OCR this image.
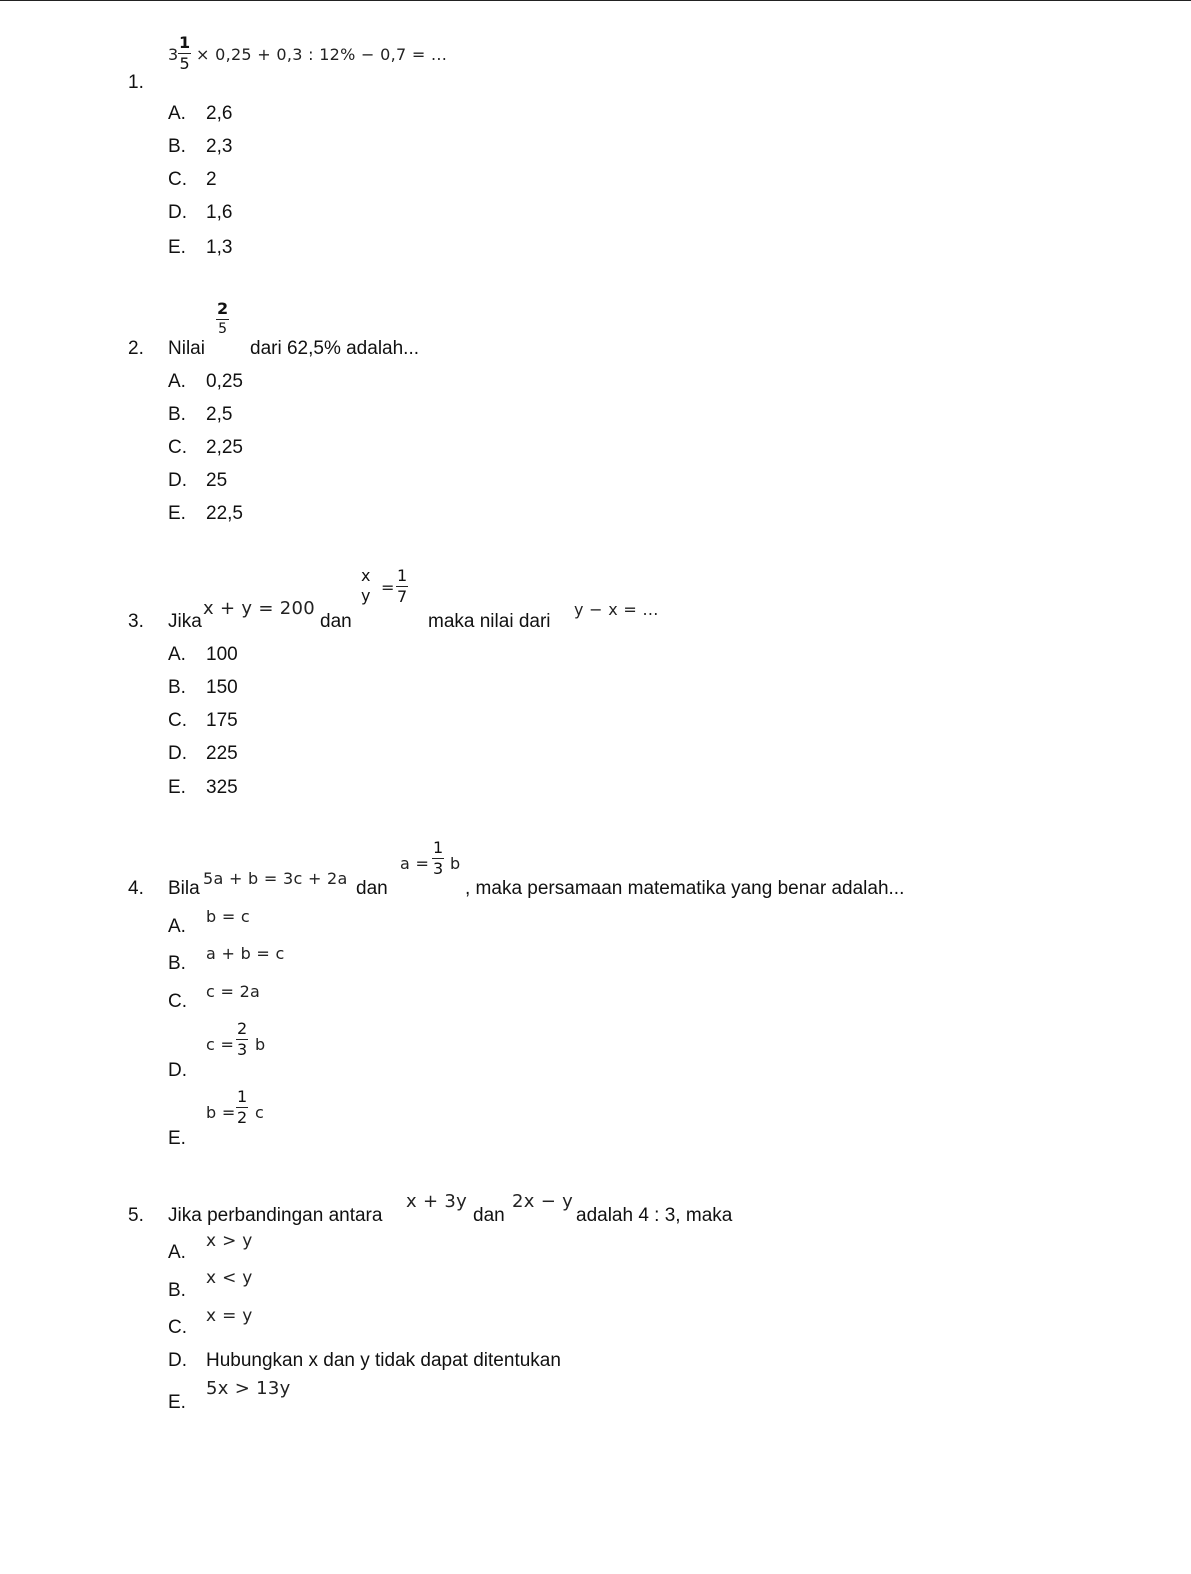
1.
$3 \frac{1}{5} \times 0,25 + 0,3$ : 12% − 0,7 = ...
A. 2,6
B. 2,3
C. 2
D. 1,6
E. 1,3
2. Nilai
$\frac{2}{5}$
dari 62,5% adalah...
A. 0,25
B. 2,5
C. 2,25
D. 25
E. 22,5
3. Jika
x + y = 200
dan
x
$y = \frac{1}{7}$
maka nilai dari
y − x = ...
A. 100
B. 150
C. 175
D. 225
E. 325
4. Bila 5a + b = 3c + 2a dan
$a = \frac{1}{3}$ b
, maka persamaan matematika yang benar adalah...
A. b = c
B. a + b = c
C. c = 2a
D.
$c = \frac{2}{3}$ b
E.
$b = \frac{1}{2}$ c
5. Jika perbandingan antara
x + 3y
dan
2x − y
adalah 4 : 3, maka
A.
x > y
B.
x < y
C.
x = y
D. Hubungkan x dan y tidak dapat ditentukan
E.
5x > 13y
